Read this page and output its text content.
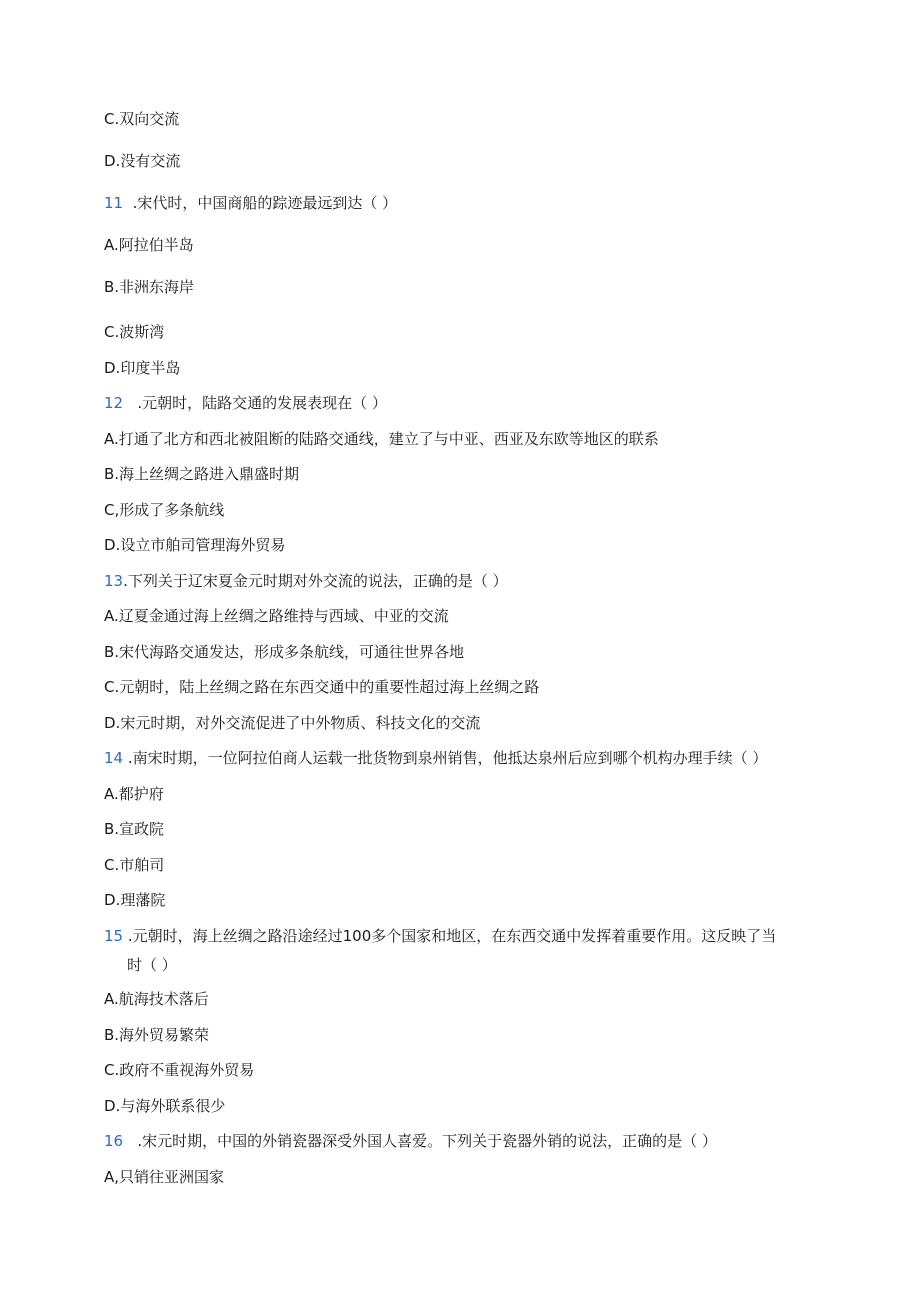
C.双向交流
D.没有交流
11  .宋代时，中国商船的踪迹最远到达（ ）
A.阿拉伯半岛
B.非洲东海岸
C.波斯湾
D.印度半岛
12   .元朝时，陆路交通的发展表现在（ ）
A.打通了北方和西北被阻断的陆路交通线，建立了与中亚、西亚及东欧等地区的联系
B.海上丝绸之路进入鼎盛时期
C,形成了多条航线
D.设立市舶司管理海外贸易
13.下列关于辽宋夏金元时期对外交流的说法，正确的是（ ）
A.辽夏金通过海上丝绸之路维持与西域、中亚的交流
B.宋代海路交通发达，形成多条航线，可通往世界各地
C.元朝时，陆上丝绸之路在东西交通中的重要性超过海上丝绸之路
D.宋元时期，对外交流促进了中外物质、科技文化的交流
14 .南宋时期，一位阿拉伯商人运载一批货物到泉州销售，他抵达泉州后应到哪个机构办理手续（ ）
A.都护府
B.宣政院
C.市舶司
D.理藩院
15 .元朝时，海上丝绸之路沿途经过100多个国家和地区，在东西交通中发挥着重要作用。这反映了当
时（ ）
A.航海技术落后
B.海外贸易繁荣
C.政府不重视海外贸易
D.与海外联系很少
16   .宋元时期，中国的外销瓷器深受外国人喜爱。下列关于瓷器外销的说法，正确的是（ ）
A,只销往亚洲国家
